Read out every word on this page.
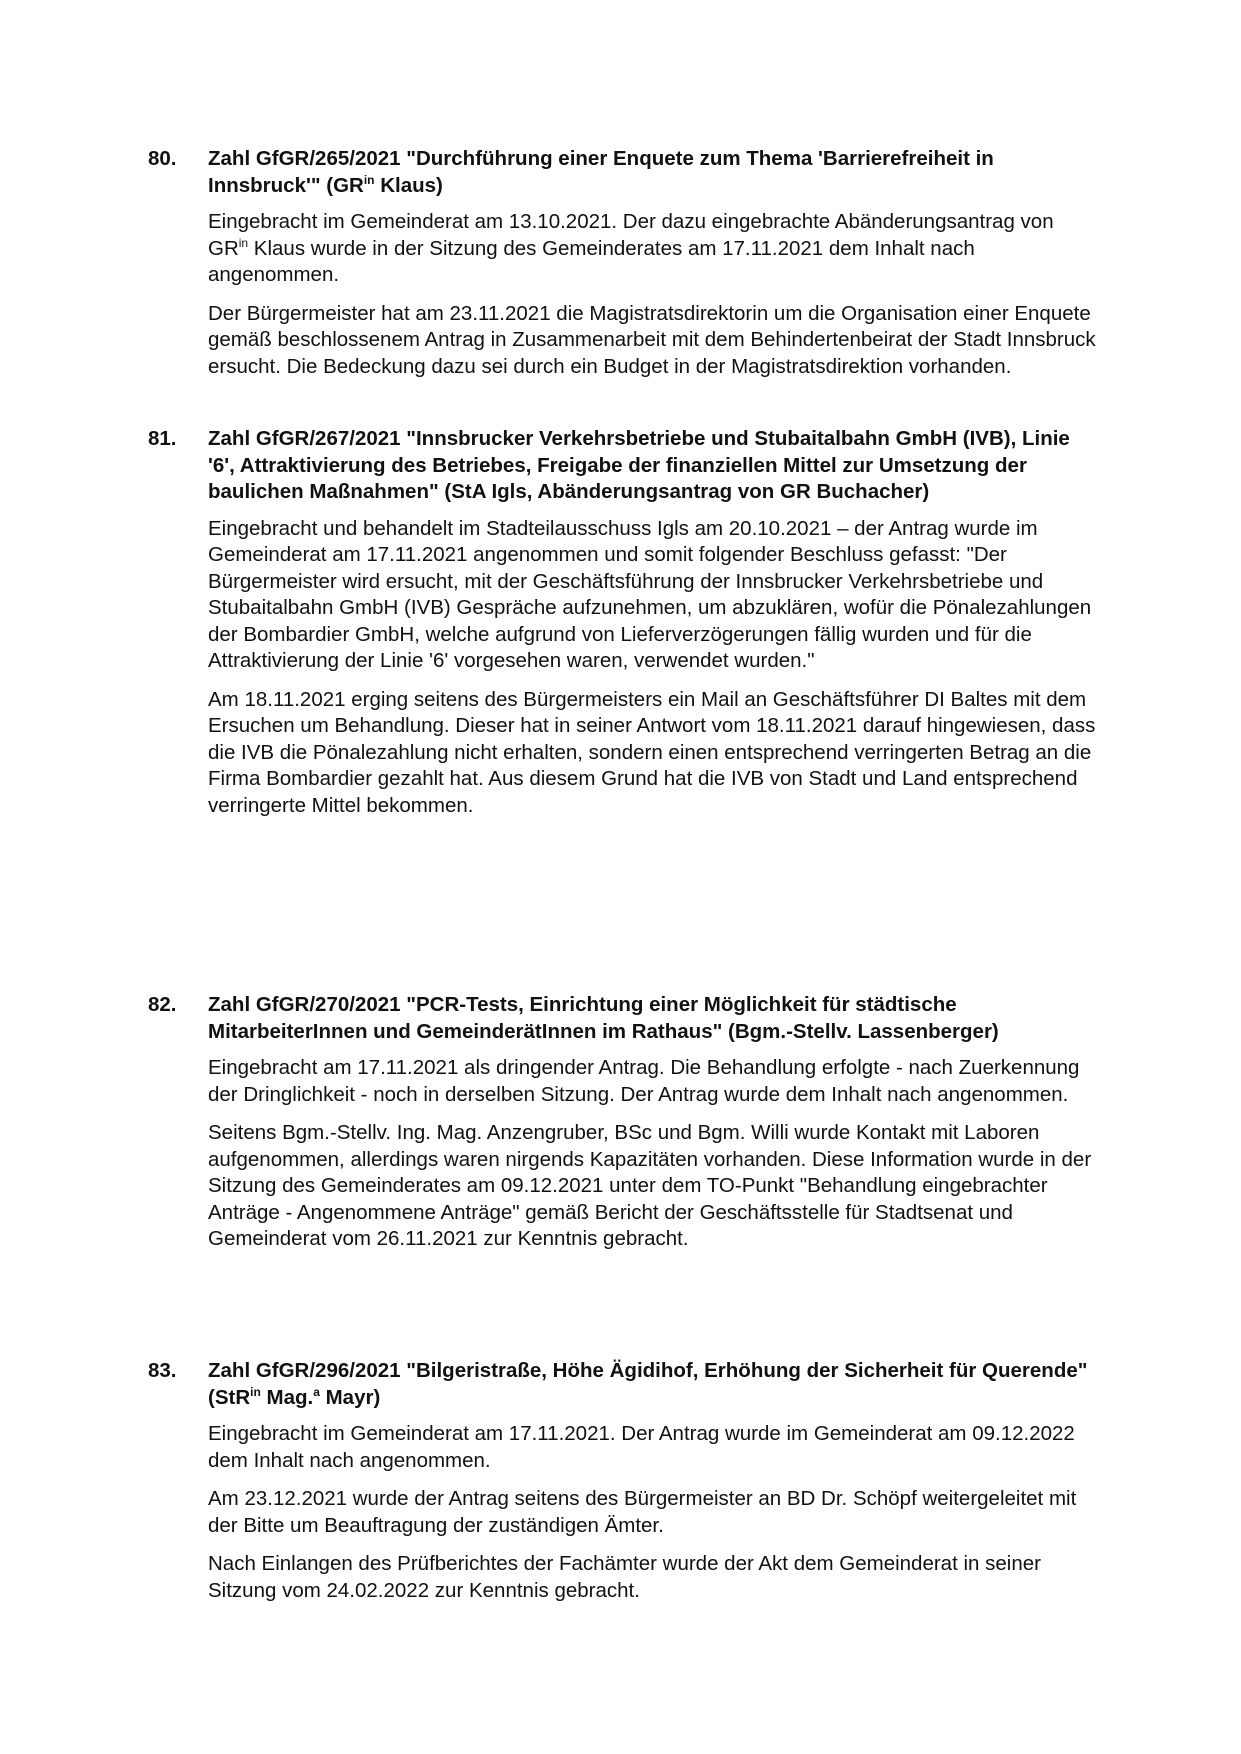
80.	Zahl GfGR/265/2021 "Durchführung einer Enquete zum Thema 'Barrierefreiheit in Innsbruck'" ($GR^{in}$ Klaus)

Eingebracht im Gemeinderat am 13.10.2021. Der dazu eingebrachte Abänderungsantrag von $GR^{in}$ Klaus wurde in der Sitzung des Gemeinderates am 17.11.2021 dem Inhalt nach angenommen.

Der Bürgermeister hat am 23.11.2021 die Magistratsdirektorin um die Organisation einer Enquete gemäß beschlossenem Antrag in Zusammenarbeit mit dem Behindertenbeirat der Stadt Innsbruck ersucht. Die Bedeckung dazu sei durch ein Budget in der Magistratsdirektion vorhanden.

81.	Zahl GfGR/267/2021 "Innsbrucker Verkehrsbetriebe und Stubaitalbahn GmbH (IVB), Linie '6', Attraktivierung des Betriebes, Freigabe der finanziellen Mittel zur Umsetzung der baulichen Maßnahmen" (StA Igls, Abänderungsantrag von GR Buchacher)

Eingebracht und behandelt im Stadteilausschuss Igls am 20.10.2021 – der Antrag wurde im Gemeinderat am 17.11.2021 angenommen und somit folgender Beschluss gefasst: "Der Bürgermeister wird ersucht, mit der Geschäftsführung der Innsbrucker Verkehrsbetriebe und Stubaitalbahn GmbH (IVB) Gespräche aufzunehmen, um abzuklären, wofür die Pönalezahlungen der Bombardier GmbH, welche aufgrund von Lieferverzögerungen fällig wurden und für die Attraktivierung der Linie '6' vorgesehen waren, verwendet wurden."

Am 18.11.2021 erging seitens des Bürgermeisters ein Mail an Geschäftsführer DI Baltes mit dem Ersuchen um Behandlung. Dieser hat in seiner Antwort vom 18.11.2021 darauf hingewiesen, dass die IVB die Pönalezahlung nicht erhalten, sondern einen entsprechend verringerten Betrag an die Firma Bombardier gezahlt hat. Aus diesem Grund hat die IVB von Stadt und Land entsprechend verringerte Mittel bekommen.

82.	Zahl GfGR/270/2021 "PCR-Tests, Einrichtung einer Möglichkeit für städtische MitarbeiterInnen und GemeinderätInnen im Rathaus" (Bgm.-Stellv. Lassenberger)

Eingebracht am 17.11.2021 als dringender Antrag. Die Behandlung erfolgte - nach Zuerkennung der Dringlichkeit - noch in derselben Sitzung. Der Antrag wurde dem Inhalt nach angenommen.

Seitens Bgm.-Stellv. Ing. Mag. Anzengruber, BSc und Bgm. Willi wurde Kontakt mit Laboren aufgenommen, allerdings waren nirgends Kapazitäten vorhanden. Diese Information wurde in der Sitzung des Gemeinderates am 09.12.2021 unter dem TO-Punkt "Behandlung eingebrachter Anträge - Angenommene Anträge" gemäß Bericht der Geschäftsstelle für Stadtsenat und Gemeinderat vom 26.11.2021 zur Kenntnis gebracht.

83.	Zahl GfGR/296/2021 "Bilgeristraße, Höhe Ägidihof, Erhöhung der Sicherheit für Querende" (StR$^{in}$ Mag.$^a$ Mayr)

Eingebracht im Gemeinderat am 17.11.2021. Der Antrag wurde im Gemeinderat am 09.12.2022 dem Inhalt nach angenommen.

Am 23.12.2021 wurde der Antrag seitens des Bürgermeister an BD Dr. Schöpf weitergeleitet mit der Bitte um Beauftragung der zuständigen Ämter.

Nach Einlangen des Prüfberichtes der Fachämter wurde der Akt dem Gemeinderat in seiner Sitzung vom 24.02.2022 zur Kenntnis gebracht.
